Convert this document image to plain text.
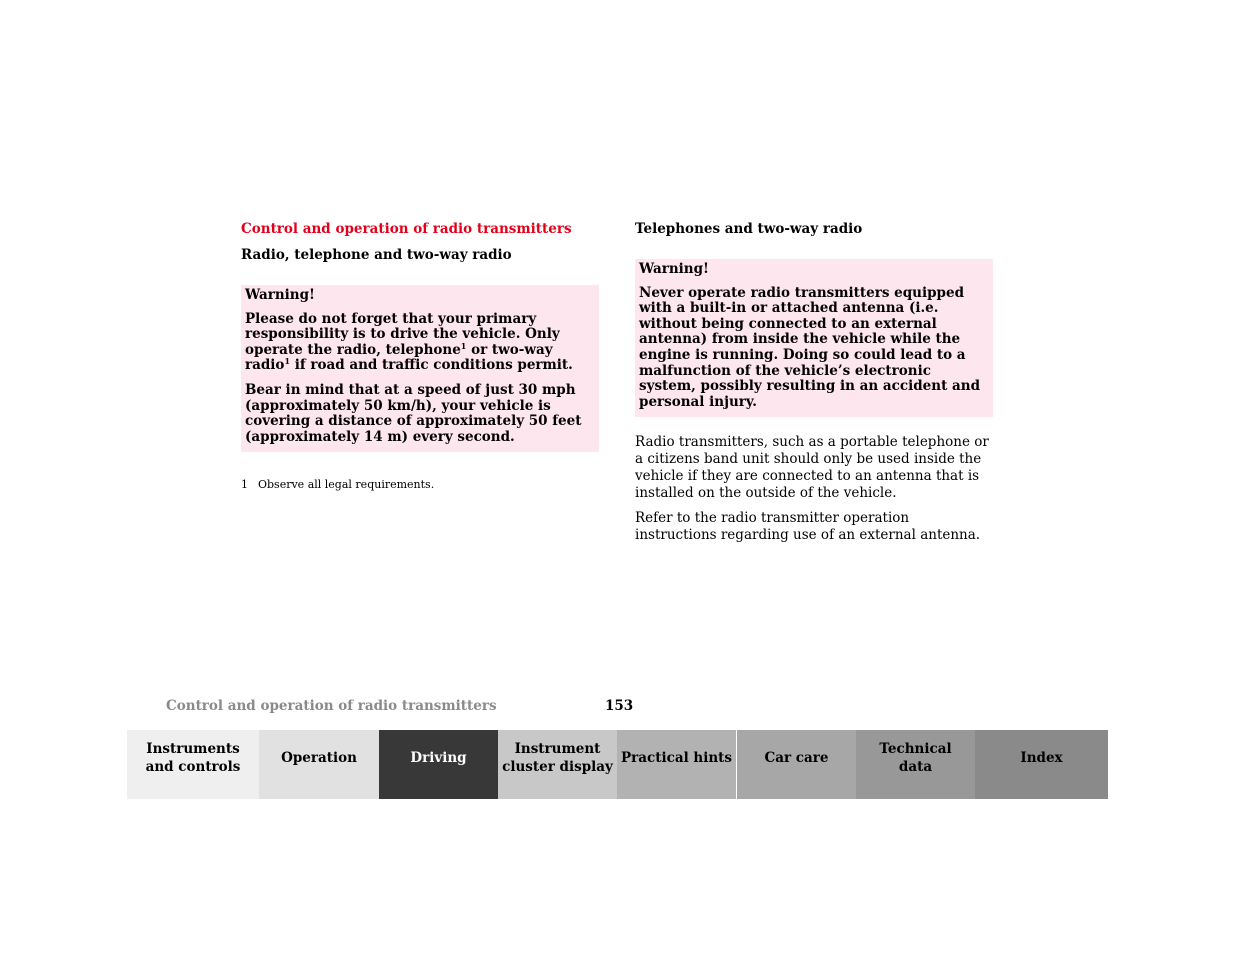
Control and operation of radio transmitters
Radio, telephone and two-way radio

Warning!

Please do not forget that your primary responsibility is to drive the vehicle. Only operate the radio, telephone$^1$ or two-way radio$^1$ if road and traffic conditions permit.

Bear in mind that at a speed of just 30 mph (approximately 50 km/h), your vehicle is covering a distance of approximately 50 feet (approximately 14 m) every second.

1 Observe all legal requirements.
Telephones and two-way radio

Warning!

Never operate radio transmitters equipped with a built-in or attached antenna (i.e. without being connected to an external antenna) from inside the vehicle while the engine is running. Doing so could lead to a malfunction of the vehicle’s electronic system, possibly resulting in an accident and personal injury.

Radio transmitters, such as a portable telephone or a citizens band unit should only be used inside the vehicle if they are connected to an antenna that is installed on the outside of the vehicle.

Refer to the radio transmitter operation instructions regarding use of an external antenna.

Control and operation of radio transmitters	153
Instruments
and controls
Operation	Driving
Instrument
cluster display
Practical hints Car care
Technical
data
Index
